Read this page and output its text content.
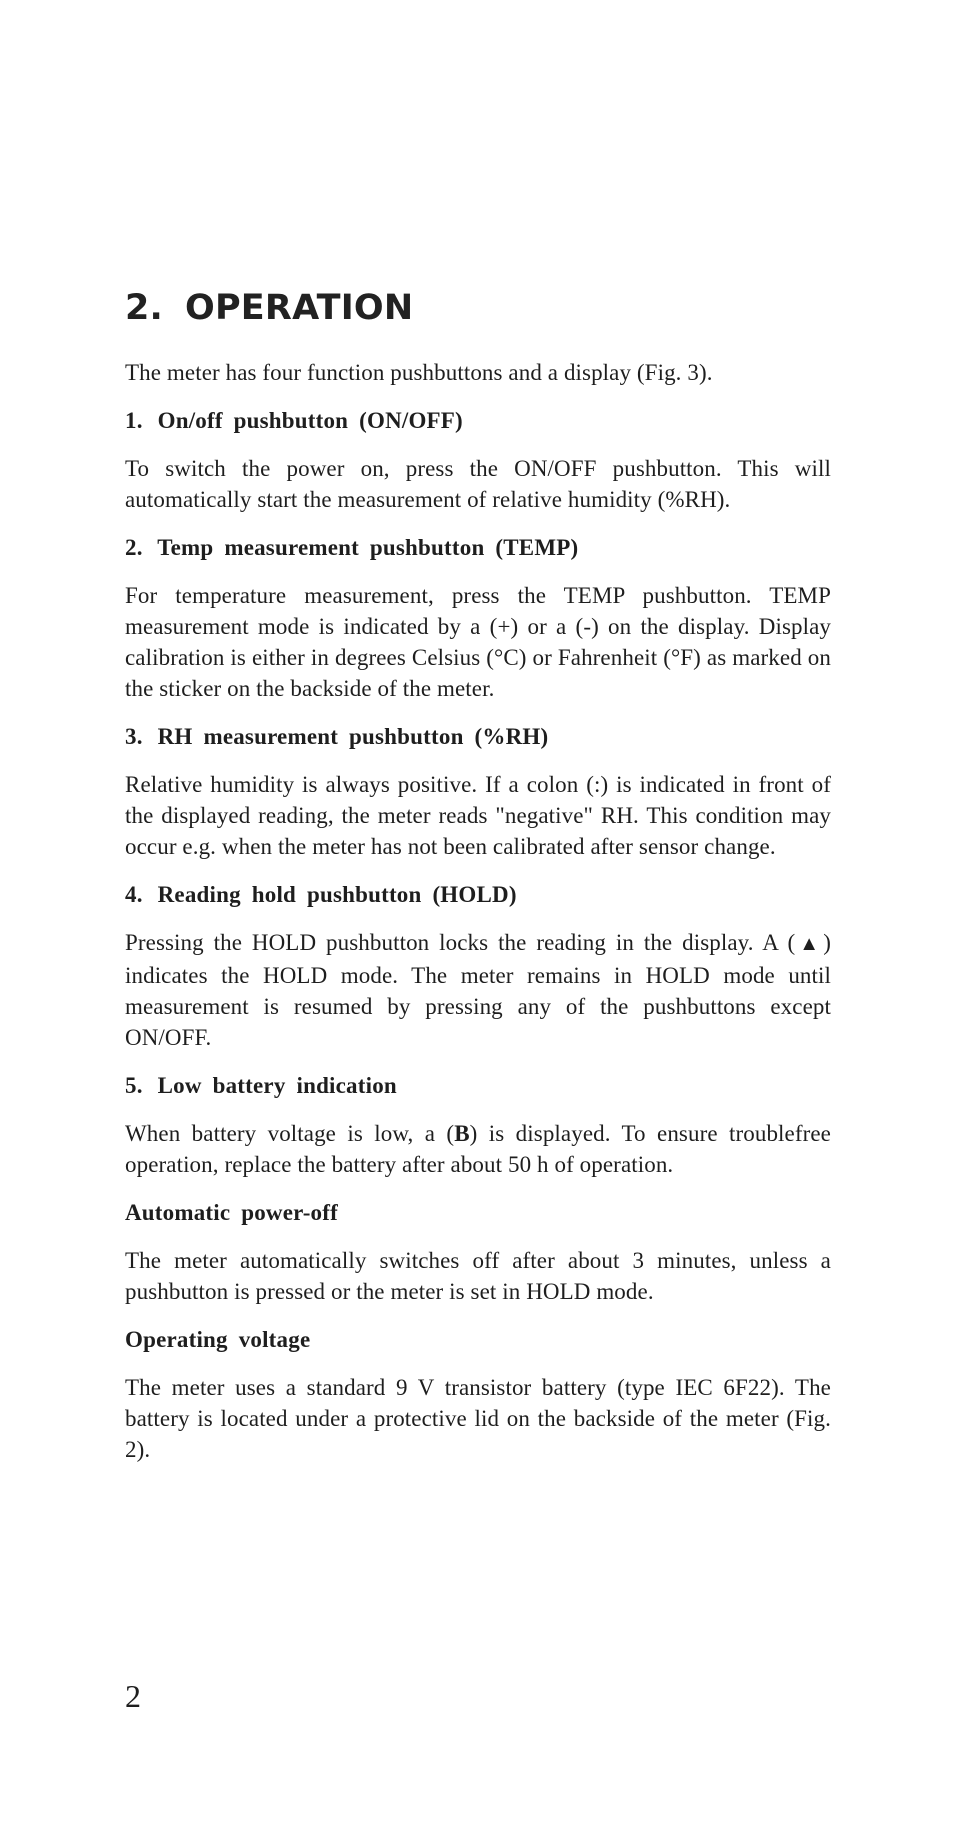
2. OPERATION

The meter has four function pushbuttons and a display (Fig. 3).

1. On/off pushbutton (ON/OFF)

To switch the power on, press the ON/OFF pushbutton. This will automatically start the measurement of relative humidity (%RH).

2. Temp measurement pushbutton (TEMP)

For temperature measurement, press the TEMP pushbutton. TEMP measurement mode is indicated by a (+) or a (-) on the display. Display calibration is either in degrees Celsius (°C) or Fahrenheit (°F) as marked on the sticker on the backside of the meter.

3. RH measurement pushbutton (%RH)

Relative humidity is always positive. If a colon (:) is indicated in front of the displayed reading, the meter reads "negative" RH. This condition may occur e.g. when the meter has not been calibrated after sensor change.

4. Reading hold pushbutton (HOLD)

Pressing the HOLD pushbutton locks the reading in the display. A (▲) indicates the HOLD mode. The meter remains in HOLD mode until measurement is resumed by pressing any of the pushbuttons except ON/OFF.

5. Low battery indication

When battery voltage is low, a (B) is displayed. To ensure troublefree operation, replace the battery after about 50 h of operation.

Automatic power-off

The meter automatically switches off after about 3 minutes, unless a pushbutton is pressed or the meter is set in HOLD mode.

Operating voltage

The meter uses a standard 9 V transistor battery (type IEC 6F22). The battery is located under a protective lid on the backside of the meter (Fig. 2).

2
